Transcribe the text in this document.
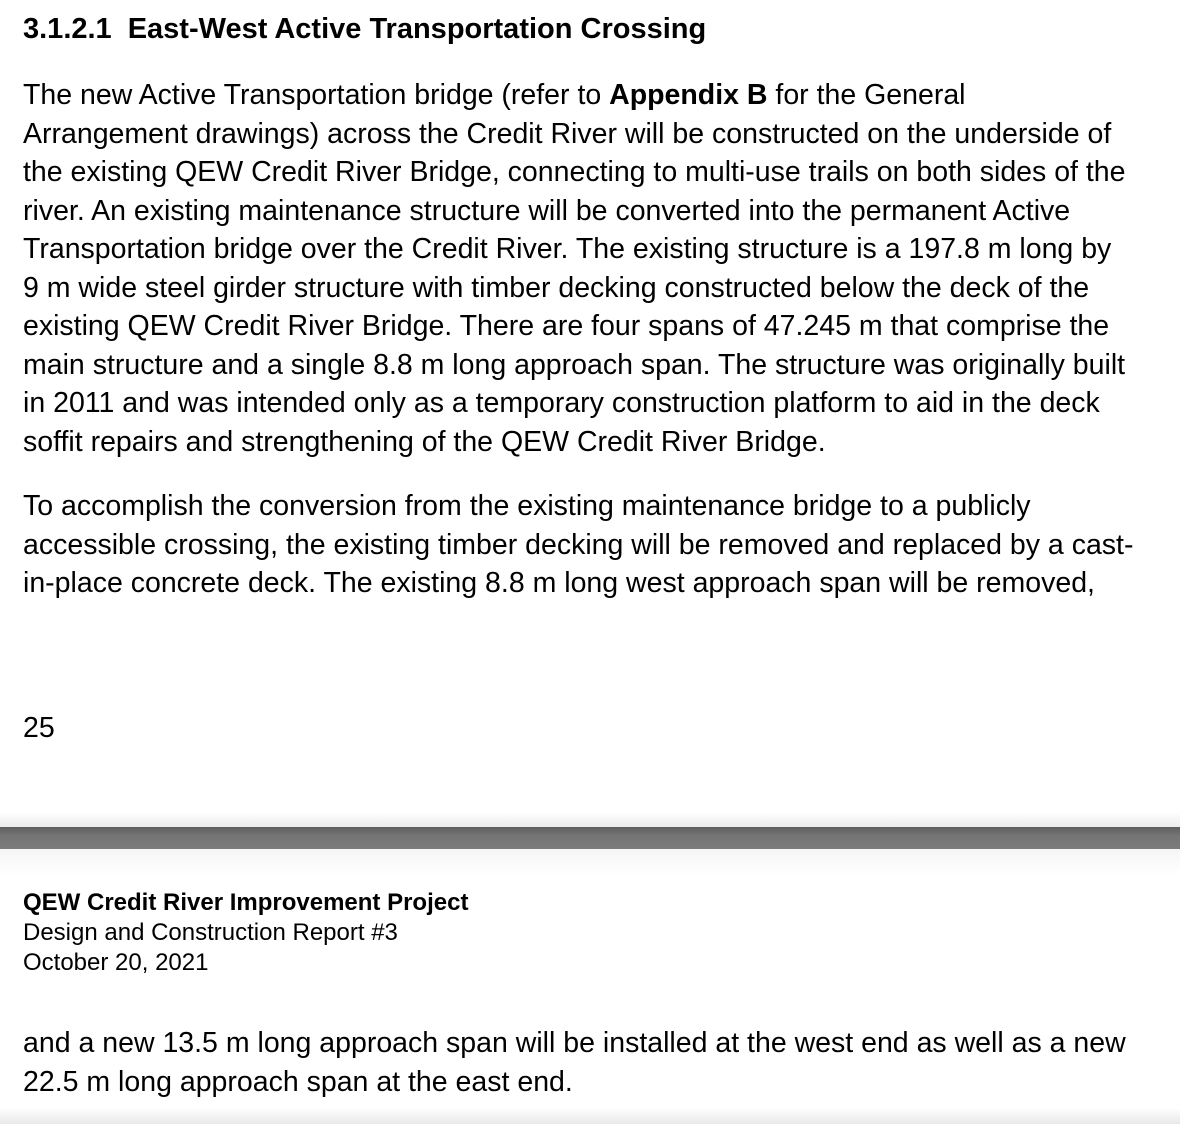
3.1.2.1 East-West Active Transportation Crossing
The new Active Transportation bridge (refer to Appendix B for the General
Arrangement drawings) across the Credit River will be constructed on the underside of
the existing QEW Credit River Bridge, connecting to multi-use trails on both sides of the
river. An existing maintenance structure will be converted into the permanent Active
Transportation bridge over the Credit River. The existing structure is a 197.8 m long by
9 m wide steel girder structure with timber decking constructed below the deck of the
existing QEW Credit River Bridge. There are four spans of 47.245 m that comprise the
main structure and a single 8.8 m long approach span. The structure was originally built
in 2011 and was intended only as a temporary construction platform to aid in the deck
soffit repairs and strengthening of the QEW Credit River Bridge.
To accomplish the conversion from the existing maintenance bridge to a publicly
accessible crossing, the existing timber decking will be removed and replaced by a cast-
in-place concrete deck. The existing 8.8 m long west approach span will be removed,
25
QEW Credit River Improvement Project
Design and Construction Report #3
October 20, 2021
and a new 13.5 m long approach span will be installed at the west end as well as a new
22.5 m long approach span at the east end.
